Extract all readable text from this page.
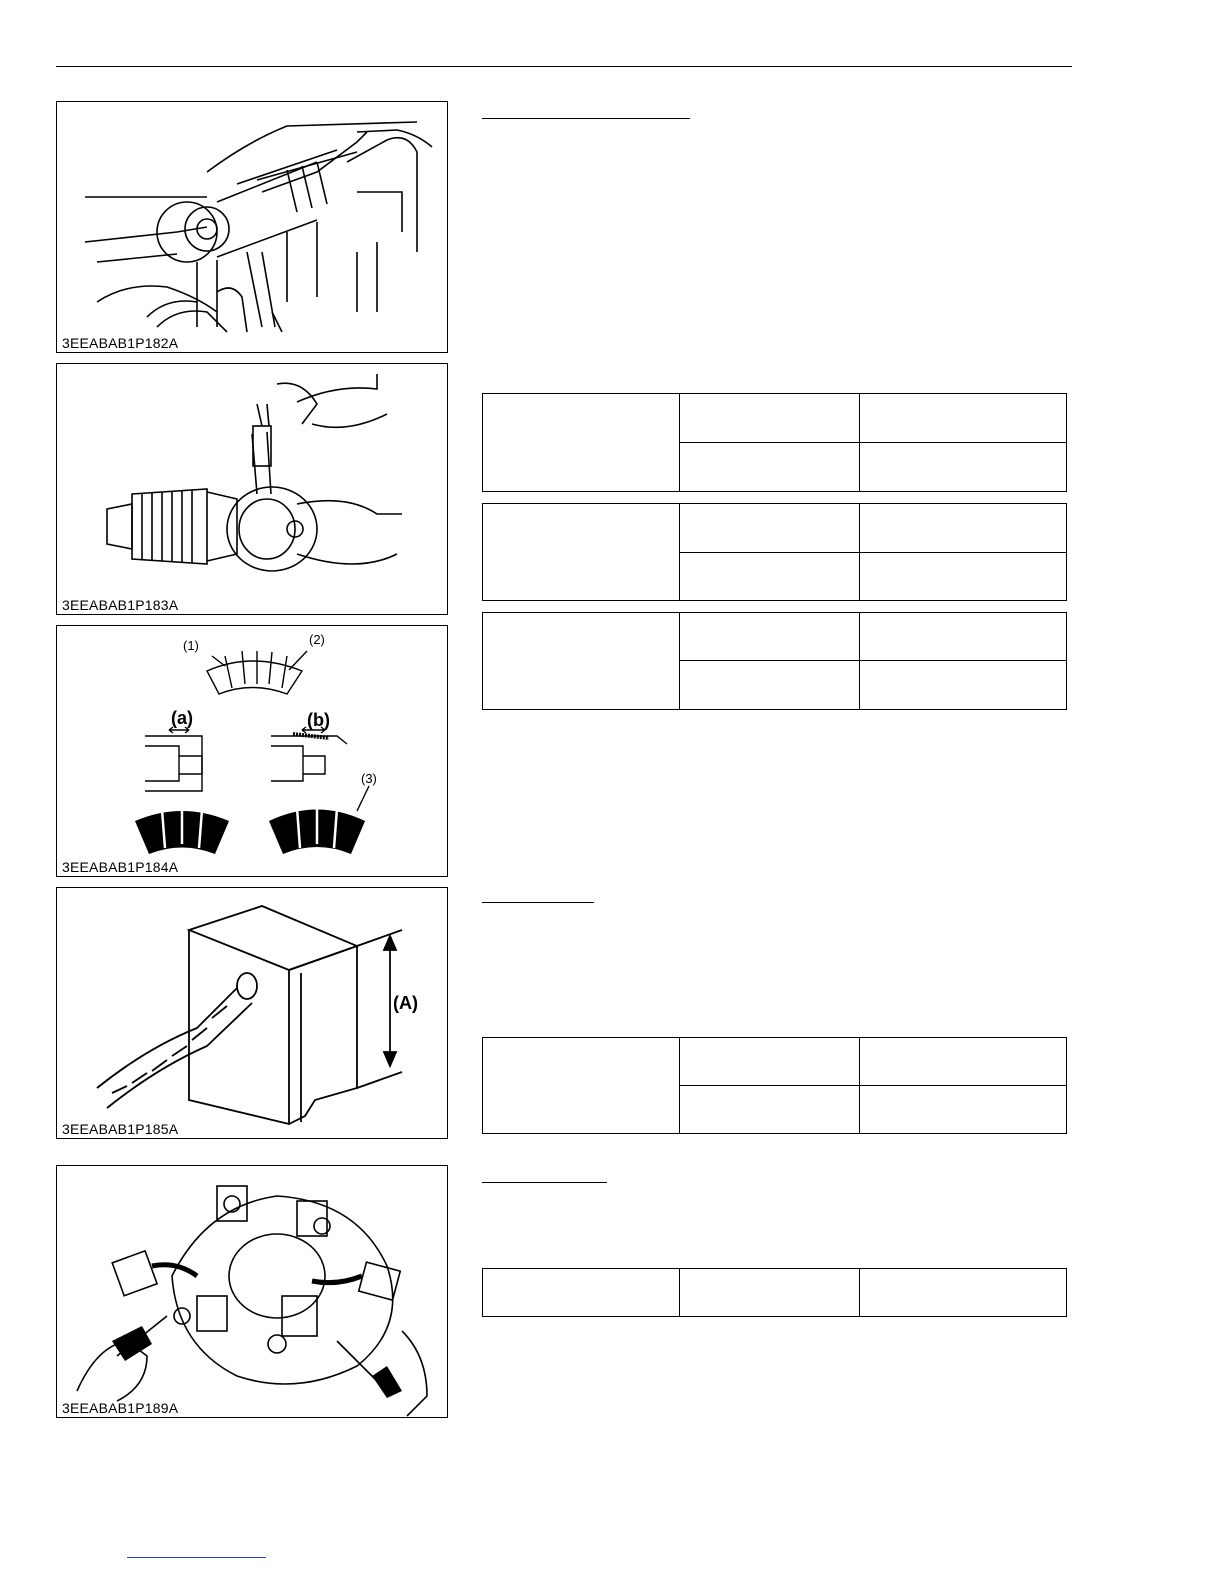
3EEABAB1P182A
3EEABAB1P183A
(1)	(2)
(a)	(b)
(3)
3EEABAB1P184A
(A)
3EEABAB1P185A
3EEABAB1P189A
